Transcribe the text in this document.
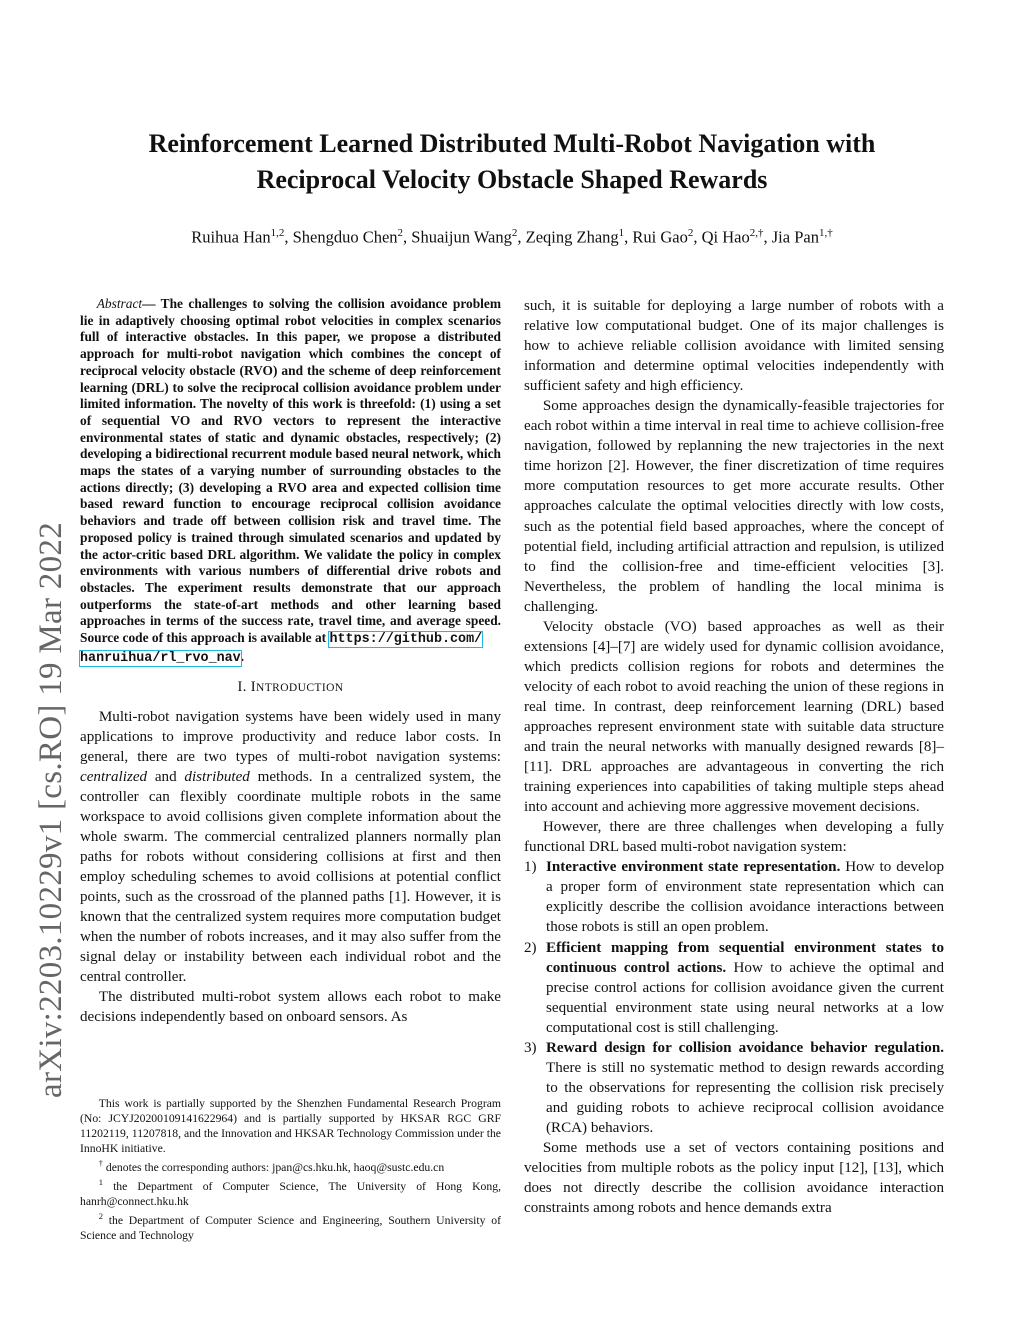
arXiv:2203.10229v1 [cs.RO] 19 Mar 2022
Reinforcement Learned Distributed Multi-Robot Navigation with
Reciprocal Velocity Obstacle Shaped Rewards
Ruihua Han$^{1,2}$, Shengduo Chen$^2$, Shuaijun Wang$^2$, Zeqing Zhang$^1$, Rui Gao$^2$, Qi Hao$^{2,\dagger}$, Jia Pan$^{1,\dagger}$

Abstract— The challenges to solving the collision avoidance problem lie in adaptively choosing optimal robot velocities in complex scenarios full of interactive obstacles. In this paper, we propose a distributed approach for multi-robot navigation which combines the concept of reciprocal velocity obstacle (RVO) and the scheme of deep reinforcement learning (DRL) to solve the reciprocal collision avoidance problem under limited information. The novelty of this work is threefold: (1) using a set of sequential VO and RVO vectors to represent the interactive environmental states of static and dynamic obstacles, respectively; (2) developing a bidirectional recurrent module based neural network, which maps the states of a varying number of surrounding obstacles to the actions directly; (3) developing a RVO area and expected collision time based reward function to encourage reciprocal collision avoidance behaviors and trade off between collision risk and travel time. The proposed policy is trained through simulated scenarios and updated by the actor-critic based DRL algorithm. We validate the policy in complex environments with various numbers of differential drive robots and obstacles. The experiment results demonstrate that our approach outperforms the state-of-art methods and other learning based approaches in terms of the success rate, travel time, and average speed. Source code of this approach is available at https://github.com/
hanruihua/rl_rvo_nav.

I. INTRODUCTION

Multi-robot navigation systems have been widely used in many applications to improve productivity and reduce labor costs. In general, there are two types of multi-robot navigation systems: centralized and distributed methods. In a centralized system, the controller can flexibly coordinate multiple robots in the same workspace to avoid collisions given complete information about the whole swarm. The commercial centralized planners normally plan paths for robots without considering collisions at first and then employ scheduling schemes to avoid collisions at potential conflict points, such as the crossroad of the planned paths [1]. However, it is known that the centralized system requires more computation budget when the number of robots increases, and it may also suffer from the signal delay or instability between each individual robot and the central controller.

The distributed multi-robot system allows each robot to make decisions independently based on onboard sensors. As

This work is partially supported by the Shenzhen Fundamental Research Program (No: JCYJ20200109141622964) and is partially supported by HKSAR RGC GRF 11202119, 11207818, and the Innovation and HKSAR Technology Commission under the InnoHK initiative.

† denotes the corresponding authors: jpan@cs.hku.hk, haoq@sustc.edu.cn

$^1$ the Department of Computer Science, The University of Hong Kong, hanrh@connect.hku.hk

$^2$ the Department of Computer Science and Engineering, Southern University of Science and Technology

such, it is suitable for deploying a large number of robots with a relative low computational budget. One of its major challenges is how to achieve reliable collision avoidance with limited sensing information and determine optimal velocities independently with sufficient safety and high efficiency.

Some approaches design the dynamically-feasible trajectories for each robot within a time interval in real time to achieve collision-free navigation, followed by replanning the new trajectories in the next time horizon [2]. However, the finer discretization of time requires more computation resources to get more accurate results. Other approaches calculate the optimal velocities directly with low costs, such as the potential field based approaches, where the concept of potential field, including artificial attraction and repulsion, is utilized to find the collision-free and time-efficient velocities [3]. Nevertheless, the problem of handling the local minima is challenging.

Velocity obstacle (VO) based approaches as well as their extensions [4]–[7] are widely used for dynamic collision avoidance, which predicts collision regions for robots and determines the velocity of each robot to avoid reaching the union of these regions in real time. In contrast, deep reinforcement learning (DRL) based approaches represent environment state with suitable data structure and train the neural networks with manually designed rewards [8]–[11]. DRL approaches are advantageous in converting the rich training experiences into capabilities of taking multiple steps ahead into account and achieving more aggressive movement decisions.

However, there are three challenges when developing a fully functional DRL based multi-robot navigation system:

1) Interactive environment state representation. How to develop a proper form of environment state representation which can explicitly describe the collision avoidance interactions between those robots is still an open problem.
2) Efficient mapping from sequential environment states to continuous control actions. How to achieve the optimal and precise control actions for collision avoidance given the current sequential environment state using neural networks at a low computational cost is still challenging.
3) Reward design for collision avoidance behavior regulation. There is still no systematic method to design rewards according to the observations for representing the collision risk precisely and guiding robots to achieve reciprocal collision avoidance (RCA) behaviors.

Some methods use a set of vectors containing positions and velocities from multiple robots as the policy input [12], [13], which does not directly describe the collision avoidance interaction constraints among robots and hence demands extra
